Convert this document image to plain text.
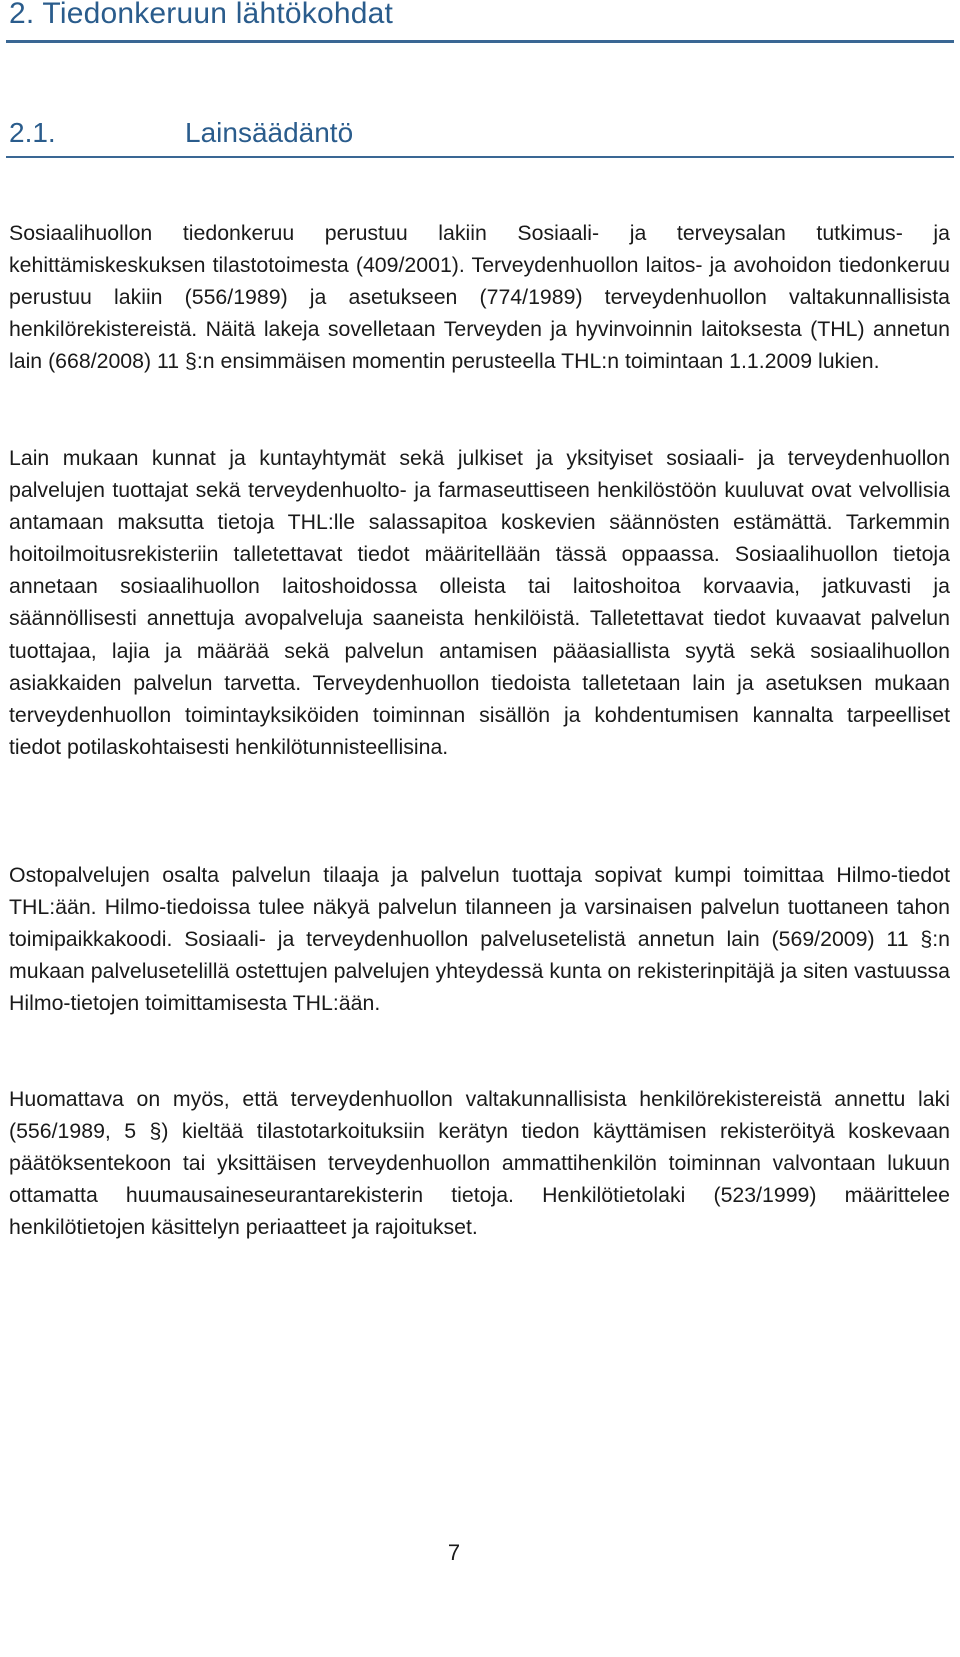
2. Tiedonkeruun lähtökohdat
2.1.	Lainsäädäntö

Sosiaalihuollon tiedonkeruu perustuu lakiin Sosiaali- ja terveysalan tutkimus- ja kehittämiskeskuksen tilastotoimesta (409/2001). Terveydenhuollon laitos- ja avohoidon tiedonkeruu perustuu lakiin (556/1989) ja asetukseen (774/1989) terveydenhuollon valtakunnallisista henkilörekistereistä. Näitä lakeja sovelletaan Terveyden ja hyvinvoinnin laitoksesta (THL) annetun lain (668/2008) 11 §:n ensimmäisen momentin perusteella THL:n toimintaan 1.1.2009 lukien.

Lain mukaan kunnat ja kuntayhtymät sekä julkiset ja yksityiset sosiaali- ja terveydenhuollon palvelujen tuottajat sekä terveydenhuolto- ja farmaseuttiseen henkilöstöön kuuluvat ovat velvollisia antamaan maksutta tietoja THL:lle salassapitoa koskevien säännösten estämättä. Tarkemmin hoitoilmoitusrekisteriin talletettavat tiedot määritellään tässä oppaassa. Sosiaalihuollon tietoja annetaan sosiaalihuollon laitoshoidossa olleista tai laitoshoitoa korvaavia, jatkuvasti ja säännöllisesti annettuja avopalveluja saaneista henkilöistä. Talletettavat tiedot kuvaavat palvelun tuottajaa, lajia ja määrää sekä palvelun antamisen pääasiallista syytä sekä sosiaalihuollon asiakkaiden palvelun tarvetta. Terveydenhuollon tiedoista talletetaan lain ja asetuksen mukaan terveydenhuollon toimintayksiköiden toiminnan sisällön ja kohdentumisen kannalta tarpeelliset tiedot potilaskohtaisesti henkilötunnisteellisina.

Ostopalvelujen osalta palvelun tilaaja ja palvelun tuottaja sopivat kumpi toimittaa Hilmo-tiedot THL:ään. Hilmo-tiedoissa tulee näkyä palvelun tilanneen ja varsinaisen palvelun tuottaneen tahon toimipaikkakoodi. Sosiaali- ja terveydenhuollon palvelusetelistä annetun lain (569/2009) 11 §:n mukaan palvelusetelillä ostettujen palvelujen yhteydessä kunta on rekisterinpitäjä ja siten vastuussa Hilmo-tietojen toimittamisesta THL:ään.

Huomattava on myös, että terveydenhuollon valtakunnallisista henkilörekistereistä annettu laki (556/1989, 5 §) kieltää tilastotarkoituksiin kerätyn tiedon käyttämisen rekisteröityä koskevaan päätöksentekoon tai yksittäisen terveydenhuollon ammattihenkilön toiminnan valvontaan lukuun ottamatta huumausaineseurantarekisterin tietoja. Henkilötietolaki (523/1999) määrittelee henkilötietojen käsittelyn periaatteet ja rajoitukset.

7
